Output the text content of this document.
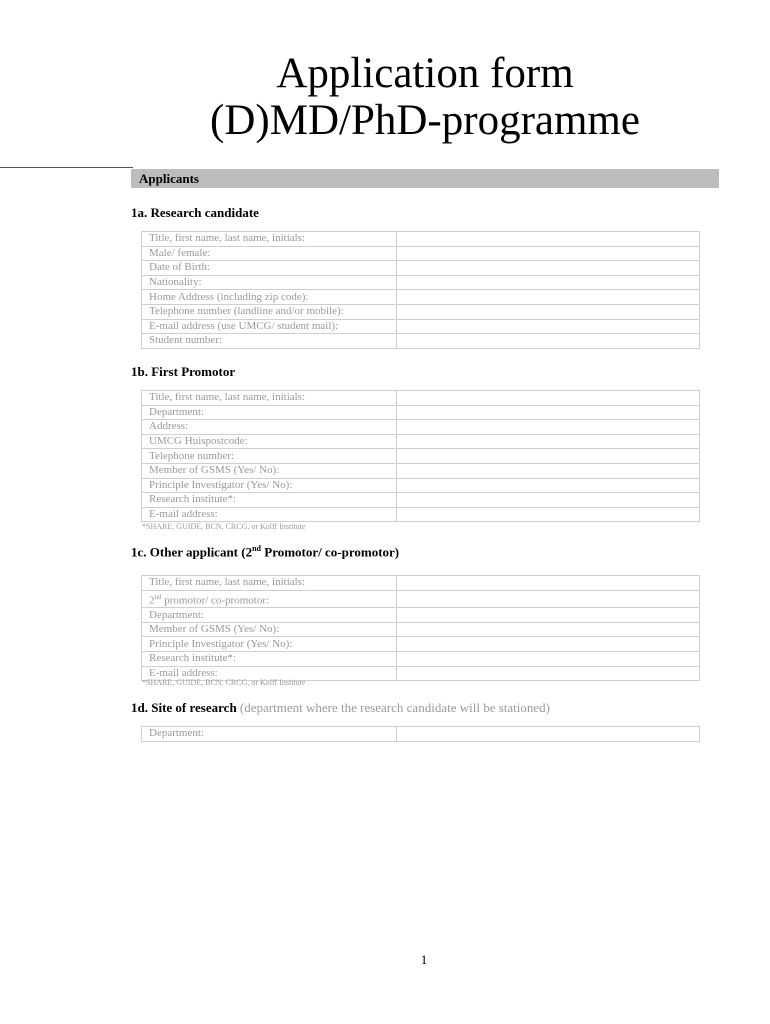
Application form
(D)MD/PhD-programme
Applicants
1a. Research candidate
Title, first name, last name, initials:	
Male/ female:	
Date of Birth:	
Nationality:	
Home Address (including zip code):	
Telephone number (landline and/or mobile):	
E-mail address (use UMCG/ student mail):	
Student number:	
1b. First Promotor
Title, first name, last name, initials:	
Department:	
Address:	
UMCG Huispostcode:	
Telephone number:	
Member of GSMS (Yes/ No):	
Principle Investigator (Yes/ No):	
Research institute*:	
E-mail address:	
*SHARE, GUIDE, BCN, CRCG, or Kolff Institute
1c. Other applicant (2nd Promotor/ co-promotor)
Title, first name, last name, initials:	
2nd promotor/ co-promotor:	
Department:	
Member of GSMS (Yes/ No):	
Principle Investigator (Yes/ No):	
Research institute*:	
E-mail address:	
*SHARE, GUIDE, BCN, CRCG, or Kolff Institute
1d. Site of research (department where the research candidate will be stationed)
Department:	
1
